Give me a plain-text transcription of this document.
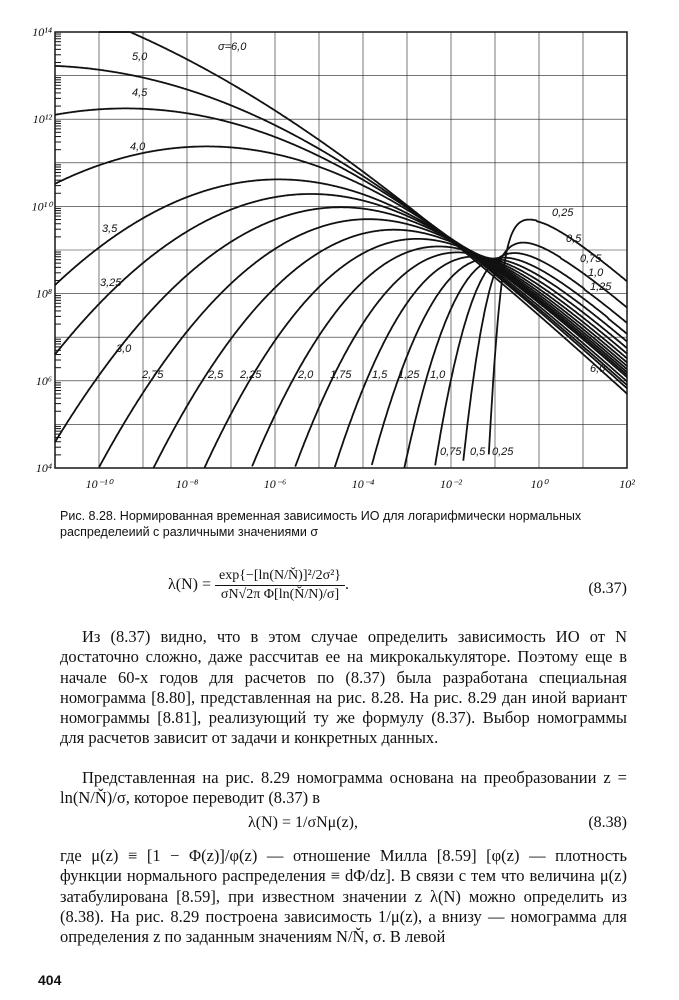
σ=6,0
5,0
4,5
4,0
3,5
3,25
3,0
2,75	2,5 2,25	2,0 1,75 1,5 1,25 1,0
0,75 0,5 0,25
0,25
0,5
0,75
1,0
1,25
6,0
10⁻¹⁰	10⁻⁸	10⁻⁶	10⁻⁴	10⁻²	10⁰	10²
10⁴
10⁶
10⁸
10¹⁰
10¹²
10¹⁴
Рис. 8.28. Нормированная временная зависимость ИО для логарифмически нормальных распределеиий с различными значениями σ
$\lambda(N) = \frac{\text{exp\{−[ln(N/Ň)]²/2σ²\}}}{\text{σN√2π Φ[ln(Ň/N)/σ]}}$ .	(8.37)
Из (8.37) видно, что в этом случае определить зависимость ИО от N достаточно сложно, даже рассчитав ее на микрокалькуляторе. Поэтому еще в начале 60-х годов для расчетов по (8.37) была разработана специальная номограмма [8.80], представленная на рис. 8.28. На рис. 8.29 дан иной вариант номограммы [8.81], реализующий ту же формулу (8.37). Выбор номограммы для расчетов зависит от задачи и конкретных данных.
Представленная на рис. 8.29 номограмма основана на преобразовании z = ln(N/Ň)/σ, которое переводит (8.37) в
λ(N) = 1/σNμ(z),	(8.38)
где μ(z) ≡ [1 − Φ(z)]/φ(z) — отношение Милла [8.59] [φ(z) — плотность функции нормального распределения ≡ dΦ/dz]. В связи с тем что величина μ(z) затабулирована [8.59], при известном значении z λ(N) можно определить из (8.38). На рис. 8.29 построена зависимость 1/μ(z), а внизу — номограмма для определения z по заданным значениям N/Ň, σ. В левой
404
